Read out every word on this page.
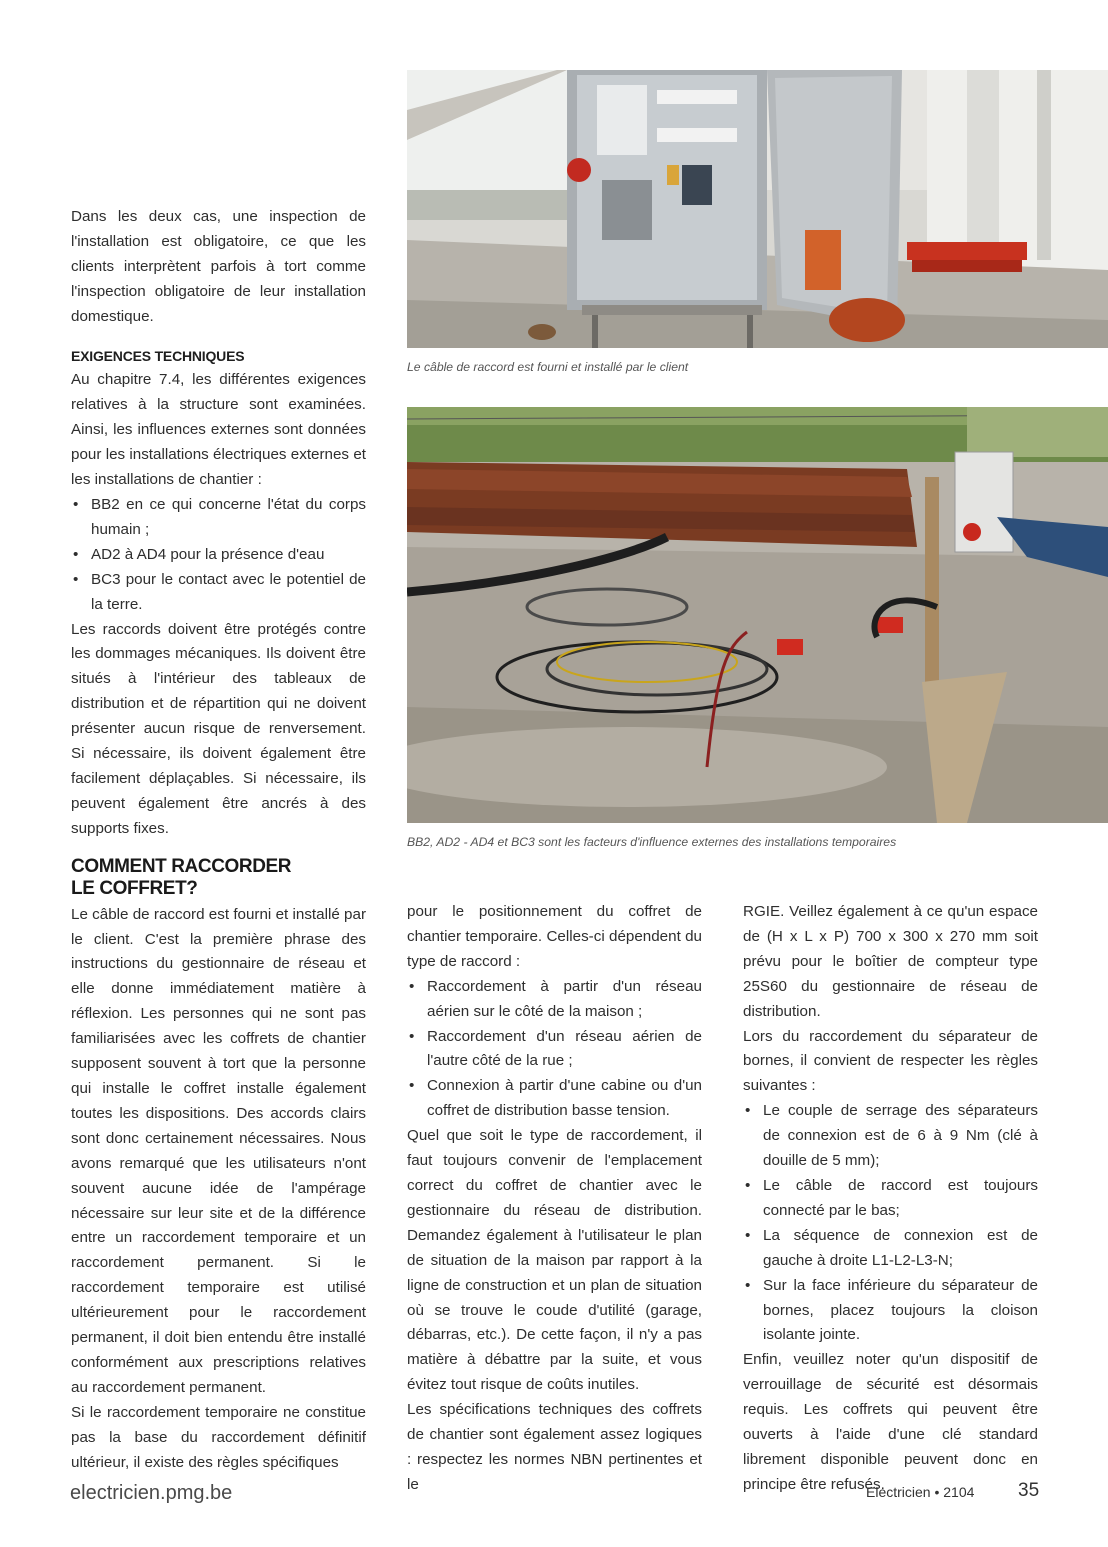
Le câble de raccord est fourni et installé par le client
BB2, AD2 - AD4 et BC3 sont les facteurs d'influence externes des installations temporaires

Dans les deux cas, une inspection de l'installation est obligatoire, ce que les clients interprètent parfois à tort comme l'inspection obligatoire de leur installation domestique.

EXIGENCES TECHNIQUES

Au chapitre 7.4, les différentes exigences relatives à la structure sont examinées. Ainsi, les influences externes sont données pour les installations électriques externes et les installations de chantier :

• BB2 en ce qui concerne l'état du corps humain ;
• AD2 à AD4 pour la présence d'eau
• BC3 pour le contact avec le potentiel de la terre.

Les raccords doivent être protégés contre les dommages mécaniques. Ils doivent être situés à l'intérieur des tableaux de distribution et de répartition qui ne doivent présenter aucun risque de renversement. Si nécessaire, ils doivent également être facilement déplaçables. Si nécessaire, ils peuvent également être ancrés à des supports fixes.

COMMENT RACCORDER
LE COFFRET?

Le câble de raccord est fourni et installé par le client. C'est la première phrase des instructions du gestionnaire de réseau et elle donne immédiatement matière à réflexion. Les personnes qui ne sont pas familiarisées avec les coffrets de chantier supposent souvent à tort que la personne qui installe le coffret installe également toutes les dispositions. Des accords clairs sont donc certainement nécessaires. Nous avons remarqué que les utilisateurs n'ont souvent aucune idée de l'ampérage nécessaire sur leur site et de la différence entre un raccordement temporaire et un raccordement permanent. Si le raccordement temporaire est utilisé ultérieurement pour le raccordement permanent, il doit bien entendu être installé conformément aux prescriptions relatives au raccordement permanent.

Si le raccordement temporaire ne constitue pas la base du raccordement définitif ultérieur, il existe des règles spécifiques

pour le positionnement du coffret de chantier temporaire. Celles-ci dépendent du type de raccord :

• Raccordement à partir d'un réseau aérien sur le côté de la maison ;
• Raccordement d'un réseau aérien de l'autre côté de la rue ;
• Connexion à partir d'une cabine ou d'un coffret de distribution basse tension.

Quel que soit le type de raccordement, il faut toujours convenir de l'emplacement correct du coffret de chantier avec le gestionnaire du réseau de distribution. Demandez également à l'utilisateur le plan de situation de la maison par rapport à la ligne de construction et un plan de situation où se trouve le coude d'utilité (garage, débarras, etc.). De cette façon, il n'y a pas matière à débattre par la suite, et vous évitez tout risque de coûts inutiles.

Les spécifications techniques des coffrets de chantier sont également assez logiques : respectez les normes NBN pertinentes et le

RGIE. Veillez également à ce qu'un espace de (H x L x P) 700 x 300 x 270 mm soit prévu pour le boîtier de compteur type 25S60 du gestionnaire de réseau de distribution.

Lors du raccordement du séparateur de bornes, il convient de respecter les règles suivantes :

• Le couple de serrage des séparateurs de connexion est de 6 à 9 Nm (clé à douille de 5 mm);
• Le câble de raccord est toujours connecté par le bas;
• La séquence de connexion est de gauche à droite L1-L2-L3-N;
• Sur la face inférieure du séparateur de bornes, placez toujours la cloison isolante jointe.

Enfin, veuillez noter qu'un dispositif de verrouillage de sécurité est désormais requis. Les coffrets qui peuvent être ouverts à l'aide d'une clé standard librement disponible peuvent donc en principe être refusés.

electricien.pmg.be	Electricien • 2104 35
